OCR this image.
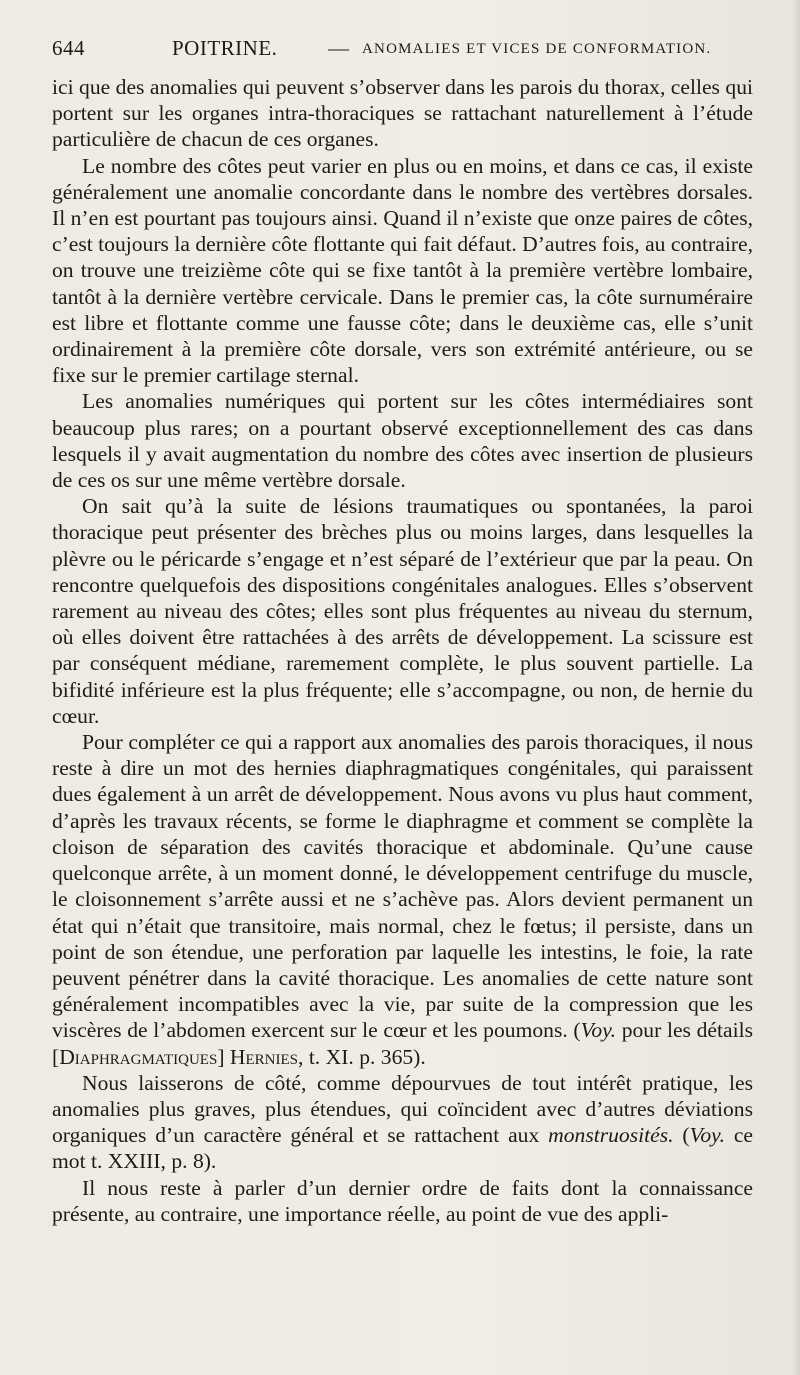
644	POITRINE. — ANOMALIES ET VICES DE CONFORMATION.

ici que des anomalies qui peuvent s’observer dans les parois du thorax, celles qui portent sur les organes intra-thoraciques se rattachant naturellement à l’étude particulière de chacun de ces organes.

Le nombre des côtes peut varier en plus ou en moins, et dans ce cas, il existe généralement une anomalie concordante dans le nombre des vertèbres dorsales. Il n’en est pourtant pas toujours ainsi. Quand il n’existe que onze paires de côtes, c’est toujours la dernière côte flottante qui fait défaut. D’autres fois, au contraire, on trouve une treizième côte qui se fixe tantôt à la première vertèbre lombaire, tantôt à la dernière vertèbre cervicale. Dans le premier cas, la côte surnuméraire est libre et flottante comme une fausse côte; dans le deuxième cas, elle s’unit ordinairement à la première côte dorsale, vers son extrémité antérieure, ou se fixe sur le premier cartilage sternal.

Les anomalies numériques qui portent sur les côtes intermédiaires sont beaucoup plus rares; on a pourtant observé exceptionnellement des cas dans lesquels il y avait augmentation du nombre des côtes avec insertion de plusieurs de ces os sur une même vertèbre dorsale.

On sait qu’à la suite de lésions traumatiques ou spontanées, la paroi thoracique peut présenter des brèches plus ou moins larges, dans lesquelles la plèvre ou le péricarde s’engage et n’est séparé de l’extérieur que par la peau. On rencontre quelquefois des dispositions congénitales analogues. Elles s’observent rarement au niveau des côtes; elles sont plus fréquentes au niveau du sternum, où elles doivent être rattachées à des arrêts de développement. La scissure est par conséquent médiane, raremement complète, le plus souvent partielle. La bifidité inférieure est la plus fréquente; elle s’accompagne, ou non, de hernie du cœur.

Pour compléter ce qui a rapport aux anomalies des parois thoraciques, il nous reste à dire un mot des hernies diaphragmatiques congénitales, qui paraissent dues également à un arrêt de développement. Nous avons vu plus haut comment, d’après les travaux récents, se forme le diaphragme et comment se complète la cloison de séparation des cavités thoracique et abdominale. Qu’une cause quelconque arrête, à un moment donné, le développement centrifuge du muscle, le cloisonnement s’arrête aussi et ne s’achève pas. Alors devient permanent un état qui n’était que transitoire, mais normal, chez le fœtus; il persiste, dans un point de son étendue, une perforation par laquelle les intestins, le foie, la rate peuvent pénétrer dans la cavité thoracique. Les anomalies de cette nature sont généralement incompatibles avec la vie, par suite de la compression que les viscères de l’abdomen exercent sur le cœur et les poumons. (Voy. pour les détails [Diaphragmatiques] Hernies, t. XI. p. 365).

Nous laisserons de côté, comme dépourvues de tout intérêt pratique, les anomalies plus graves, plus étendues, qui coïncident avec d’autres déviations organiques d’un caractère général et se rattachent aux monstruosités. (Voy. ce mot t. XXIII, p. 8).

Il nous reste à parler d’un dernier ordre de faits dont la connaissance présente, au contraire, une importance réelle, au point de vue des appli-
